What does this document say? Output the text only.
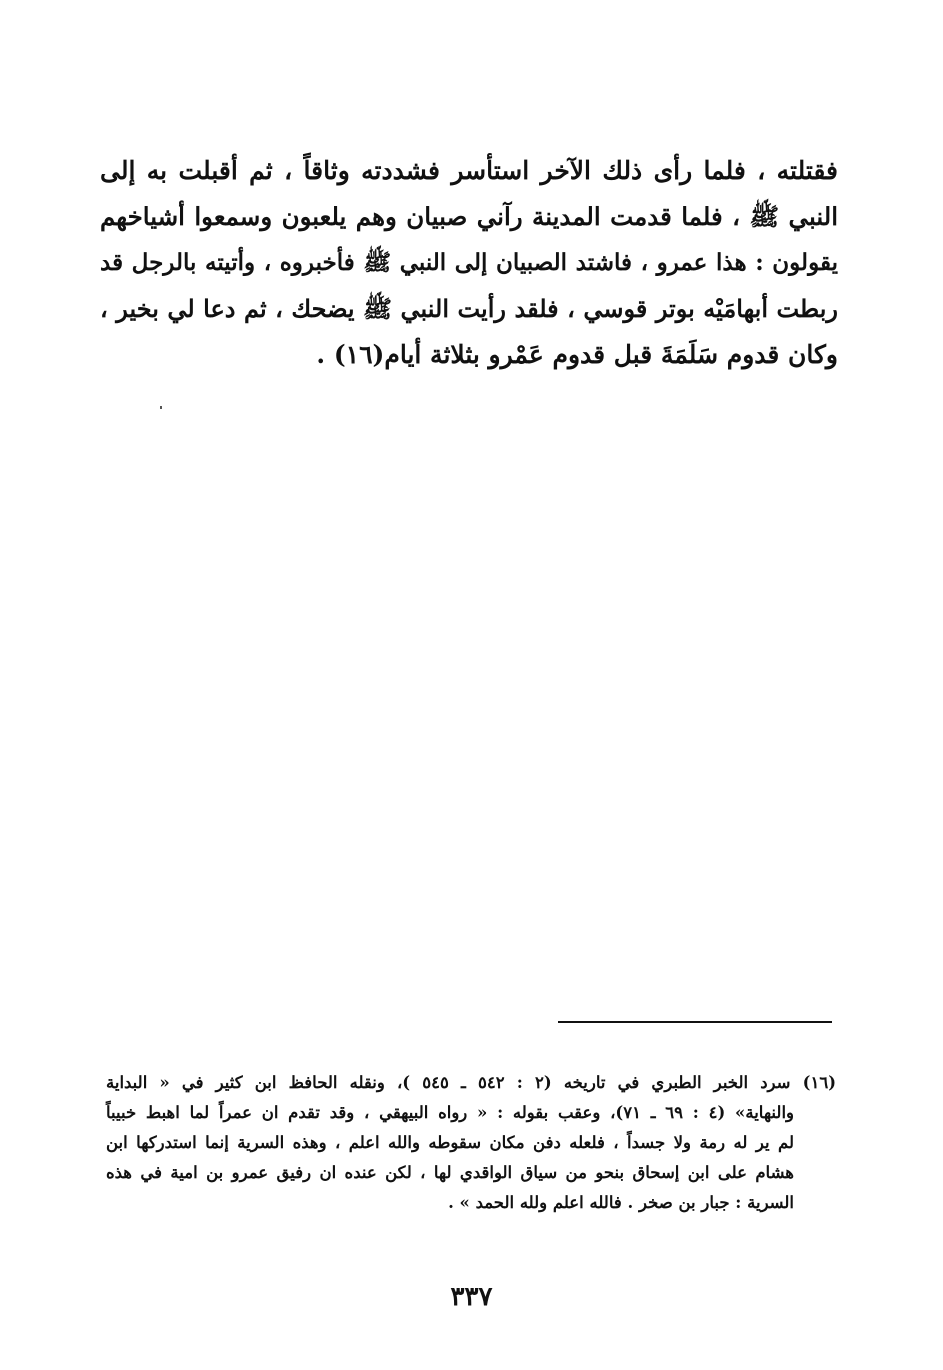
فقتلته ، فلما رأى ذلك الآخر استأسر فشددته وثاقاً ، ثم أقبلت به إلى
النبي ﷺ ، فلما قدمت المدينة رآني صبيان وهم يلعبون وسمعوا أشياخهم
يقولون : هذا عمرو ، فاشتد الصبيان إلى النبي ﷺ فأخبروه ، وأتيته بالرجل قد
ربطت أبهامَيْه بوتر قوسي ، فلقد رأيت النبي ﷺ يضحك ، ثم دعا لي بخير ،
وكان قدوم سَلَمَةَ قبل قدوم عَمْرو بثلاثة أيام(١٦) .
(١٦) سرد الخبر الطبري في تاريخه (٢ : ٥٤٢ ـ ٥٤٥ )، ونقله الحافظ ابن كثير في « البداية
والنهاية» (٤ : ٦٩ ـ ٧١)، وعقب بقوله : « رواه البيهقي ، وقد تقدم ان عمراً لما اهبط خبيباً
لم ير له رمة ولا جسداً ، فلعله دفن مكان سقوطه والله اعلم ، وهذه السرية إنما استدركها ابن
هشام على ابن إسحاق بنحو من سياق الواقدي لها ، لكن عنده ان رفيق عمرو بن امية في هذه
السرية : جبار بن صخر . فالله اعلم ولله الحمد » .
٣٣٧
